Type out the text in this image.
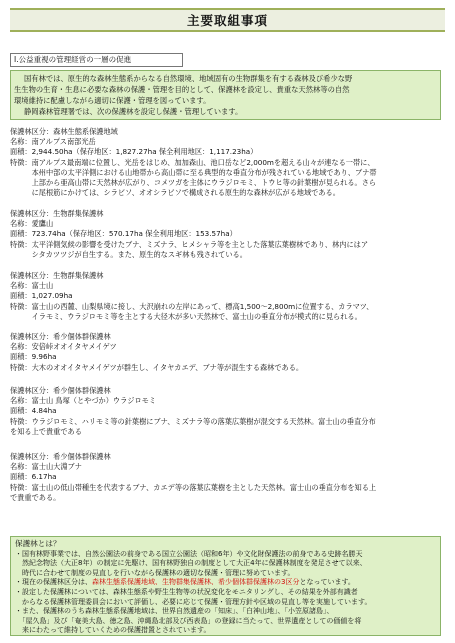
主要取組事項
Ⅰ.公益重視の管理経営の一層の促進

国有林では、原生的な森林生態系からなる自然環境、地域固有の生物群集を有する森林及び希少な野

生生物の生育・生息に必要な森林の保護・管理を目的として、保護林を設定し、貴重な天然林等の自然
環境維持に配慮しながら適切に保護・管理を図っています。

静岡森林管理署では、次の保護林を設定し保護・管理しています。

保護林区分： 森林生態系保護地域
名称： 南アルプス南部光岳
面積： 2,944.50ha（保存地区：1,827.27ha 保全利用地区：1,117.23ha）
特徴： 南アルプス最南端に位置し、光岳をはじめ、加加森山、池口岳など2,000mを超える山々が連なる一帯に、
本州中部の太平洋側における山地帯から高山帯に至る典型的な垂直分布が残されている地域であり、ブナ帯
上部から亜高山帯に天然林が広がり、コメツガを主体にウラジロモミ、トウヒ等の針葉樹が見られる。さら
に尾根筋にかけては、シラビソ、オオシラビソで構成される原生的な森林が広がる地域である。
保護林区分： 生物群集保護林
名称： 愛鷹山
面積： 723.74ha（保存地区：570.17ha 保全利用地区：153.57ha）
特徴： 太平洋側気候の影響を受けたブナ、ミズナラ、ヒメシャラ等を主とした落葉広葉樹林であり、林内にはア
シタカツツジが自生する。また、原生的なスギ林も残されている。
保護林区分： 生物群集保護林
名称： 富士山
面積： 1,027.09ha
特徴： 富士山の西麓、山梨県境に接し、大沢崩れの左岸にあって、標高1,500～2,800mに位置する、カラマツ、
イラモミ、ウラジロモミ等を主とする大径木が多い天然林で、富士山の垂直分布が模式的に見られる。
保護林区分： 希少個体群保護林
名称： 安倍峠オオイタヤメイゲツ
面積： 9.96ha
特徴： 大木のオオイタヤメイゲツが群生し、イタヤカエデ、ブナ等が混生する森林である。
保護林区分： 希少個体群保護林
名称： 富士山 鳥塚（とやづか）ウラジロモミ
面積： 4.84ha
特徴： ウラジロモミ、ハリモミ等の針葉樹にブナ、ミズナラ等の落葉広葉樹が混交する天然林。富士山の垂直分布
を知る上で貴重である
保護林区分： 希少個体群保護林
名称： 富士山大淵ブナ
面積： 6.17ha
特徴： 富士山の低山帯種生を代表するブナ、カエデ等の落葉広葉樹を主とした天然林。富士山の垂直分布を知る上
で貴重である。
保護林とは？
・国有林野事業では、自然公園法の前身である国立公園法（昭和6年）や文化財保護法の前身である史跡名勝天
　然紀念物法（大正8年）の制定に先駆け、国有林野独自の制度として大正4年に保護林制度を発足させて以来、
　時代に合わせて制度の見直しを行いながら保護林の適切な保護・管理に努めています。
・現在の保護林区分は、森林生態系保護地域、生物群集保護林、希少個体群保護林の3区分となっています。
・設定した保護林については、森林生態系や野生生物等の状況変化をモニタリングし、その結果を外部有識者
　からなる保護林管理委員会において評価し、必要に応じて保護・管理方針や区域の見直し等を実施しています。
・また、保護林のうち森林生態系保護地域は、世界自然遺産の「知床」、「白神山地」、「小笠原諸島」、
　「屋久島」及び「奄美大島、徳之島、沖縄島北部及び西表島」の登録に当たって、世界遺産としての価値を将
　来にわたって維持していくための保護措置とされています。
